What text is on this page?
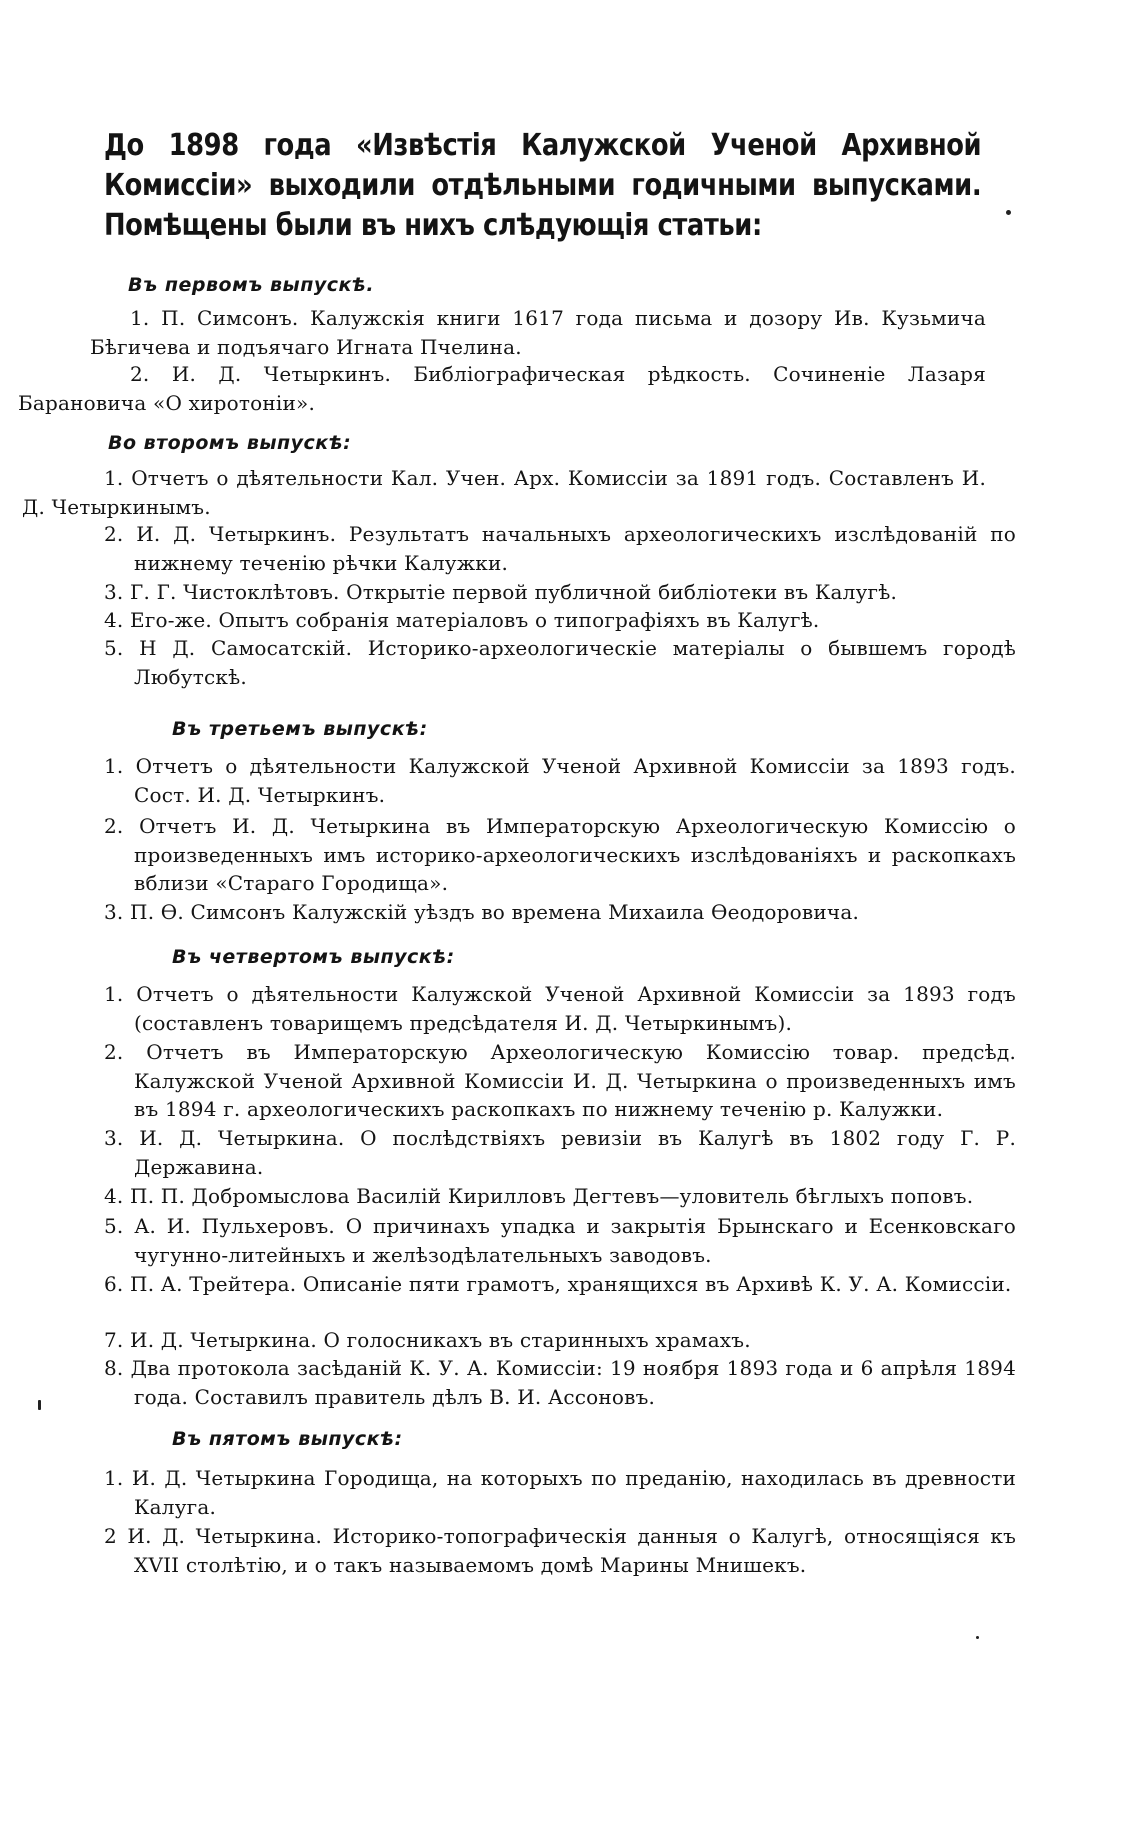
До 1898 года «Извѣстія Калужской Ученой Архивной Комиссіи» выходили отдѣльными годичными выпусками. Помѣщены были въ нихъ слѣдующія статьи:
Въ первомъ выпускѣ.
1. П. Симсонъ. Калужскія книги 1617 года письма и дозору Ив. Кузьмича Бѣгичева и подъячаго Игната Пчелина.
2. И. Д. Четыркинъ. Библіографическая рѣдкость. Сочиненіе Лазаря Барановича «О хиротоніи».
Во второмъ выпускѣ:
1. Отчетъ о дѣятельности Кал. Учен. Арх. Комиссіи за 1891 годъ. Составленъ И. Д. Четыркинымъ.
2. И. Д. Четыркинъ. Результатъ начальныхъ археологическихъ изслѣдованій по нижнему теченію рѣчки Калужки.
3. Г. Г. Чистоклѣтовъ. Открытіе первой публичной библіотеки въ Калугѣ.
4. Его-же. Опытъ собранія матеріаловъ о типографіяхъ въ Калугѣ.
5. Н Д. Самосатскій. Историко-археологическіе матеріалы о бывшемъ городѣ Любутскѣ.
Въ третьемъ выпускѣ:
1. Отчетъ о дѣятельности Калужской Ученой Архивной Комиссіи за 1893 годъ. Сост. И. Д. Четыркинъ.
2. Отчетъ И. Д. Четыркина въ Императорскую Археологическую Комиссію о произведенныхъ имъ историко-археологическихъ изслѣдованіяхъ и раскопкахъ вблизи «Стараго Городища».
3. П. Ѳ. Симсонъ Калужскій уѣздъ во времена Михаила Ѳеодоровича.
Въ четвертомъ выпускѣ:
1. Отчетъ о дѣятельности Калужской Ученой Архивной Комиссіи за 1893 годъ (составленъ товарищемъ предсѣдателя И. Д. Четыркинымъ).
2. Отчетъ въ Императорскую Археологическую Комиссію товар. предсѣд. Калужской Ученой Архивной Комиссіи И. Д. Четыркина о произведенныхъ имъ въ 1894 г. археологическихъ раскопкахъ по нижнему теченію р. Калужки.
3. И. Д. Четыркина. О послѣдствіяхъ ревизіи въ Калугѣ въ 1802 году Г. Р. Державина.
4. П. П. Добромыслова Василій Кирилловъ Дегтевъ—уловитель бѣглыхъ поповъ.
5. А. И. Пульхеровъ. О причинахъ упадка и закрытія Брынскаго и Есенковскаго чугунно-литейныхъ и желѣзодѣлательныхъ заводовъ.
6. П. А. Трейтера. Описаніе пяти грамотъ, хранящихся въ Архивѣ К. У. А. Комиссіи.
7. И. Д. Четыркина. О голосникахъ въ старинныхъ храмахъ.
8. Два протокола засѣданій К. У. А. Комиссіи: 19 ноября 1893 года и 6 апрѣля 1894 года. Составилъ правитель дѣлъ В. И. Ассоновъ.
Въ пятомъ выпускѣ:
1. И. Д. Четыркина Городища, на которыхъ по преданію, находилась въ древности Калуга.
2 И. Д. Четыркина. Историко-топографическія данныя о Калугѣ, относящіяся къ XVII столѣтію, и о такъ называемомъ домѣ Марины Мнишекъ.
